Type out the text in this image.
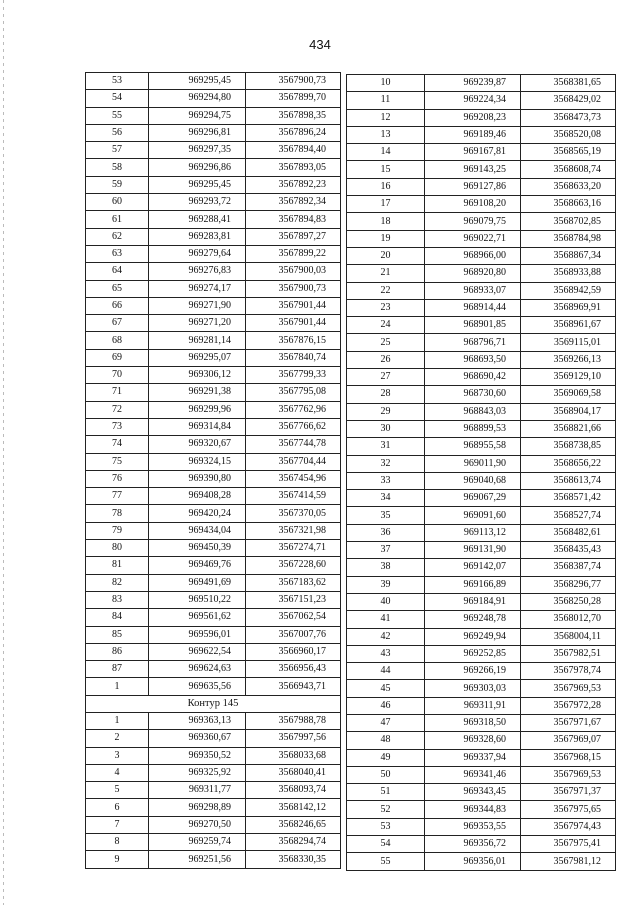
434
53	969295,45	3567900,73
54	969294,80	3567899,70
55	969294,75	3567898,35
56	969296,81	3567896,24
57	969297,35	3567894,40
58	969296,86	3567893,05
59	969295,45	3567892,23
60	969293,72	3567892,34
61	969288,41	3567894,83
62	969283,81	3567897,27
63	969279,64	3567899,22
64	969276,83	3567900,03
65	969274,17	3567900,73
66	969271,90	3567901,44
67	969271,20	3567901,44
68	969281,14	3567876,15
69	969295,07	3567840,74
70	969306,12	3567799,33
71	969291,38	3567795,08
72	969299,96	3567762,96
73	969314,84	3567766,62
74	969320,67	3567744,78
75	969324,15	3567704,44
76	969390,80	3567454,96
77	969408,28	3567414,59
78	969420,24	3567370,05
79	969434,04	3567321,98
80	969450,39	3567274,71
81	969469,76	3567228,60
82	969491,69	3567183,62
83	969510,22	3567151,23
84	969561,62	3567062,54
85	969596,01	3567007,76
86	969622,54	3566960,17
87	969624,63	3566956,43
1	969635,56	3566943,71
Контур 145		
1	969363,13	3567988,78
2	969360,67	3567997,56
3	969350,52	3568033,68
4	969325,92	3568040,41
5	969311,77	3568093,74
6	969298,89	3568142,12
7	969270,50	3568246,65
8	969259,74	3568294,74
9	969251,56	3568330,35
10	969239,87	3568381,65
11	969224,34	3568429,02
12	969208,23	3568473,73
13	969189,46	3568520,08
14	969167,81	3568565,19
15	969143,25	3568608,74
16	969127,86	3568633,20
17	969108,20	3568663,16
18	969079,75	3568702,85
19	969022,71	3568784,98
20	968966,00	3568867,34
21	968920,80	3568933,88
22	968933,07	3568942,59
23	968914,44	3568969,91
24	968901,85	3568961,67
25	968796,71	3569115,01
26	968693,50	3569266,13
27	968690,42	3569129,10
28	968730,60	3569069,58
29	968843,03	3568904,17
30	968899,53	3568821,66
31	968955,58	3568738,85
32	969011,90	3568656,22
33	969040,68	3568613,74
34	969067,29	3568571,42
35	969091,60	3568527,74
36	969113,12	3568482,61
37	969131,90	3568435,43
38	969142,07	3568387,74
39	969166,89	3568296,77
40	969184,91	3568250,28
41	969248,78	3568012,70
42	969249,94	3568004,11
43	969252,85	3567982,51
44	969266,19	3567978,74
45	969303,03	3567969,53
46	969311,91	3567972,28
47	969318,50	3567971,67
48	969328,60	3567969,07
49	969337,94	3567968,15
50	969341,46	3567969,53
51	969343,45	3567971,37
52	969344,83	3567975,65
53	969353,55	3567974,43
54	969356,72	3567975,41
55	969356,01	3567981,12
